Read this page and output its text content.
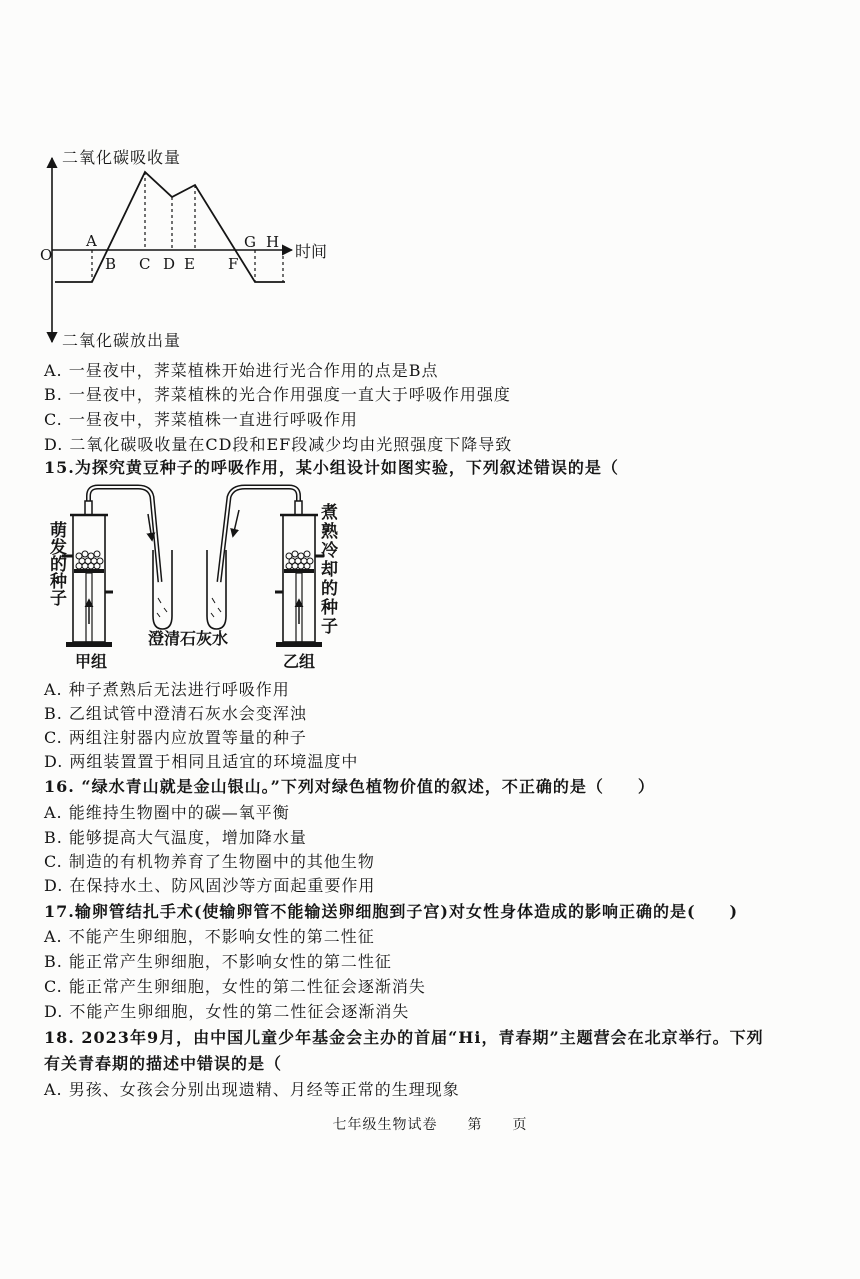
二氧化碳吸收量
二氧化碳放出量
O
A
B C D E F
G H 时间
A. 一昼夜中，荠菜植株开始进行光合作用的点是B点
B. 一昼夜中，荠菜植株的光合作用强度一直大于呼吸作用强度
C. 一昼夜中，荠菜植株一直进行呼吸作用
D. 二氧化碳吸收量在CD段和EF段减少均由光照强度下降导致
15.为探究黄豆种子的呼吸作用，某小组设计如图实验，下列叙述错误的是（
萌发的种子	煮熟冷却的种子
澄清石灰水
甲组	乙组
A. 种子煮熟后无法进行呼吸作用
B. 乙组试管中澄清石灰水会变浑浊
C. 两组注射器内应放置等量的种子
D. 两组装置置于相同且适宜的环境温度中
16. “绿水青山就是金山银山。”下列对绿色植物价值的叙述，不正确的是（　　）
A. 能维持生物圈中的碳—氧平衡
B. 能够提高大气温度，增加降水量
C. 制造的有机物养育了生物圈中的其他生物
D. 在保持水土、防风固沙等方面起重要作用
17.输卵管结扎手术(使输卵管不能输送卵细胞到子宫)对女性身体造成的影响正确的是(　　)
A. 不能产生卵细胞，不影响女性的第二性征
B. 能正常产生卵细胞，不影响女性的第二性征
C. 能正常产生卵细胞，女性的第二性征会逐渐消失
D. 不能产生卵细胞，女性的第二性征会逐渐消失
18. 2023年9月，由中国儿童少年基金会主办的首届“Hi，青春期”主题营会在北京举行。下列
有关青春期的描述中错误的是（
A. 男孩、女孩会分别出现遗精、月经等正常的生理现象
七年级生物试卷　　第　　页
